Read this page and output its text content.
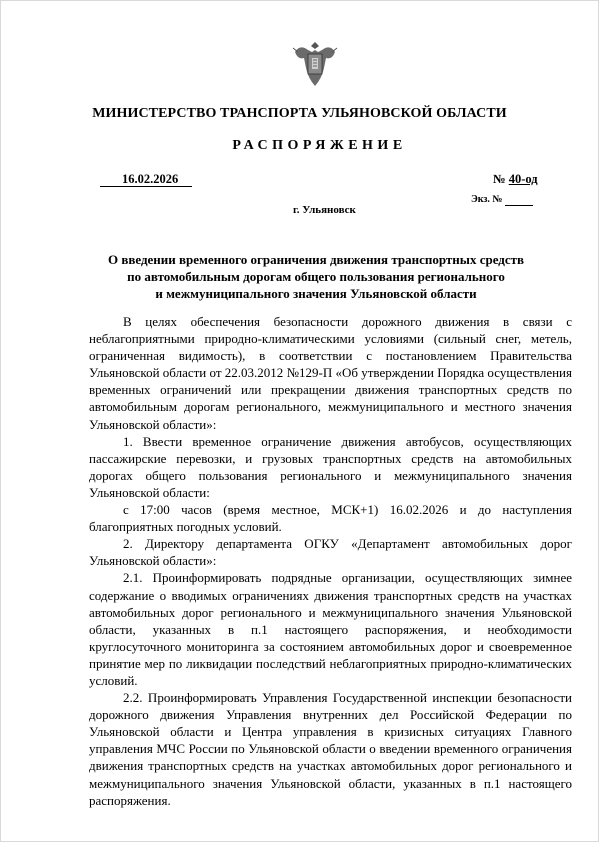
МИНИСТЕРСТВО ТРАНСПОРТА УЛЬЯНОВСКОЙ ОБЛАСТИ
РАСПОРЯЖЕНИЕ
16.02.2026	№ 40-од
Экз. №
г. Ульяновск
О введении временного ограничения движения транспортных средств
по автомобильным дорогам общего пользования регионального
и межмуниципального значения Ульяновской области

В целях обеспечения безопасности дорожного движения в связи с неблагоприятными природно-климатическими условиями (сильный снег, метель, ограниченная видимость), в соответствии с постановлением Правительства Ульяновской области от 22.03.2012 №129-П «Об утверждении Порядка осуществления временных ограничений или прекращении движения транспортных средств по автомобильным дорогам регионального, межмуниципального и местного значения Ульяновской области»:

1. Ввести временное ограничение движения автобусов, осуществляющих пассажирские перевозки, и грузовых транспортных средств на автомобильных дорогах общего пользования регионального и межмуниципального значения Ульяновской области:

с 17:00 часов (время местное, МСК+1) 16.02.2026 и до наступления благоприятных погодных условий.

2. Директору департамента ОГКУ «Департамент автомобильных дорог Ульяновской области»:

2.1. Проинформировать подрядные организации, осуществляющих зимнее содержание о вводимых ограничениях движения транспортных средств на участках автомобильных дорог регионального и межмуниципального значения Ульяновской области, указанных в п.1 настоящего распоряжения, и необходимости круглосуточного мониторинга за состоянием автомобильных дорог и своевременное принятие мер по ликвидации последствий неблагоприятных природно-климатических условий.

2.2. Проинформировать Управления Государственной инспекции безопасности дорожного движения Управления внутренних дел Российской Федерации по Ульяновской области и Центра управления в кризисных ситуациях Главного управления МЧС России по Ульяновской области о введении временного ограничения движения транспортных средств на участках автомобильных дорог регионального и межмуниципального значения Ульяновской области, указанных в п.1 настоящего распоряжения.
